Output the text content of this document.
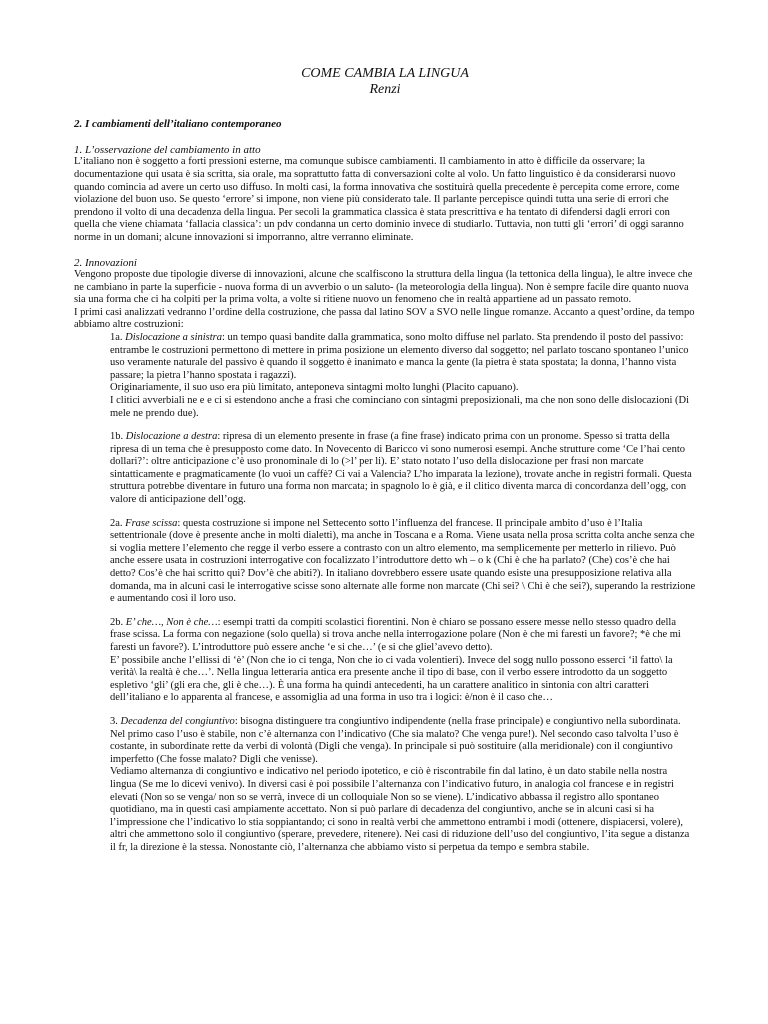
COME CAMBIA LA LINGUA

Renzi

2. I cambiamenti dell’italiano contemporaneo

1. L’osservazione del cambiamento in atto

L’italiano non è soggetto a forti pressioni esterne, ma comunque subisce cambiamenti. Il cambiamento in atto è difficile da osservare; la documentazione qui usata è sia scritta, sia orale, ma soprattutto fatta di conversazioni colte al volo. Un fatto linguistico è da considerarsi nuovo quando comincia ad avere un certo uso diffuso. In molti casi, la forma innovativa che sostituirà quella precedente è percepita come errore, come violazione del buon uso. Se questo ‘errore’ si impone, non viene più considerato tale. Il parlante percepisce quindi tutta una serie di errori che prendono il volto di una decadenza della lingua. Per secoli la grammatica classica è stata prescrittiva e ha tentato di difendersi dagli errori con quella che viene chiamata ‘fallacia classica’: un pdv condanna un certo dominio invece di studiarlo. Tuttavia, non tutti gli ‘errori’ di oggi saranno norme in un domani; alcune innovazioni si imporranno, altre verranno eliminate.

2. Innovazioni

Vengono proposte due tipologie diverse di innovazioni, alcune che scalfiscono la struttura della lingua (la tettonica della lingua), le altre invece che ne cambiano in parte la superficie - nuova forma di un avverbio o un saluto- (la meteorologia della lingua). Non è sempre facile dire quanto nuova sia una forma che ci ha colpiti per la prima volta, a volte si ritiene nuovo un fenomeno che in realtà appartiene ad un passato remoto.

I primi casi analizzati vedranno l’ordine della costruzione, che passa dal latino SOV a SVO nelle lingue romanze. Accanto a quest’ordine, da tempo abbiamo altre costruzioni:

1a. Dislocazione a sinistra: un tempo quasi bandite dalla grammatica, sono molto diffuse nel parlato. Sta prendendo il posto del passivo: entrambe le costruzioni permettono di mettere in prima posizione un elemento diverso dal soggetto; nel parlato toscano spontaneo l’unico uso veramente naturale del passivo è quando il soggetto è inanimato e manca la gente (la pietra è stata spostata; la donna, l’hanno vista passare; la pietra l’hanno spostata i ragazzi).

Originariamente, il suo uso era più limitato, anteponeva sintagmi molto lunghi (Placito capuano).

I clitici avverbiali ne e e ci si estendono anche a frasi che cominciano con sintagmi preposizionali, ma che non sono delle dislocazioni (Di mele ne prendo due).

1b. Dislocazione a destra: ripresa di un elemento presente in frase (a fine frase) indicato prima con un pronome. Spesso si tratta della ripresa di un tema che è presupposto come dato. In Novecento di Baricco vi sono numerosi esempi. Anche strutture come ‘Ce l’hai cento dollari?’: oltre anticipazione c’è uso pronominale di lo (>l’ per li). E’ stato notato l’uso della dislocazione per frasi non marcate sintatticamente e pragmaticamente (lo vuoi un caffè? Ci vai a Valencia? L’ho imparata la lezione), trovate anche in registri formali. Questa struttura potrebbe diventare in futuro una forma non marcata; in spagnolo lo è già, e il clitico diventa marca di concordanza dell’ogg, con valore di anticipazione dell’ogg.

2a. Frase scissa: questa costruzione si impone nel Settecento sotto l’influenza del francese. Il principale ambito d’uso è l’Italia settentrionale (dove è presente anche in molti dialetti), ma anche in Toscana e a Roma. Viene usata nella prosa scritta colta anche senza che si voglia mettere l’elemento che regge il verbo essere a contrasto con un altro elemento, ma semplicemente per metterlo in rilievo. Può anche essere usata in costruzioni interrogative con focalizzato l’introduttore detto wh – o k (Chi è che ha parlato? (Che) cos’è che hai detto? Cos’è che hai scritto qui? Dov’è che abiti?). In italiano dovrebbero essere usate quando esiste una presupposizione relativa alla domanda, ma in alcuni casi le interrogative scisse sono alternate alle forme non marcate (Chi sei? \ Chi è che sei?), superando la restrizione e aumentando così il loro uso.

2b. E’ che…, Non è che…: esempi tratti da compiti scolastici fiorentini. Non è chiaro se possano essere messe nello stesso quadro della frase scissa. La forma con negazione (solo quella) si trova anche nella interrogazione polare (Non è che mi faresti un favore?; *è che mi faresti un favore?). L’introduttore può essere anche ‘e si che…’ (e si che gliel’avevo detto).

E’ possibile anche l’ellissi di ‘è’ (Non che io ci tenga, Non che io ci vada volentieri). Invece del sogg nullo possono esserci ‘il fatto\ la verità\ la realtà è che…’. Nella lingua letteraria antica era presente anche il tipo di base, con il verbo essere introdotto da un soggetto espletivo ‘gli’ (gli era che, gli è che…). È una forma ha quindi antecedenti, ha un carattere analitico in sintonia con altri caratteri dell’italiano e lo apparenta al francese, e assomiglia ad una forma in uso tra i logici: è/non è il caso che…

3. Decadenza del congiuntivo: bisogna distinguere tra congiuntivo indipendente (nella frase principale) e congiuntivo nella subordinata. Nel primo caso l’uso è stabile, non c’è alternanza con l’indicativo (Che sia malato? Che venga pure!). Nel secondo caso talvolta l’uso è costante, in subordinate rette da verbi di volontà (Digli che venga). In principale si può sostituire (alla meridionale) con il congiuntivo imperfetto (Che fosse malato? Digli che venisse).

Vediamo alternanza di congiuntivo e indicativo nel periodo ipotetico, e ciò è riscontrabile fin dal latino, è un dato stabile nella nostra lingua (Se me lo dicevi venivo). In diversi casi è poi possibile l’alternanza con l’indicativo futuro, in analogia col francese e in registri elevati (Non so se venga/ non so se verrà, invece di un colloquiale Non so se viene). L’indicativo abbassa il registro allo spontaneo quotidiano, ma in questi casi ampiamente accettato. Non si può parlare di decadenza del congiuntivo, anche se in alcuni casi si ha l’impressione che l’indicativo lo stia soppiantando; ci sono in realtà verbi che ammettono entrambi i modi (ottenere, dispiacersi, volere), altri che ammettono solo il congiuntivo (sperare, prevedere, ritenere). Nei casi di riduzione dell’uso del congiuntivo, l’ita segue a distanza il fr, la direzione è la stessa. Nonostante ciò, l’alternanza che abbiamo visto si perpetua da tempo e sembra stabile.
